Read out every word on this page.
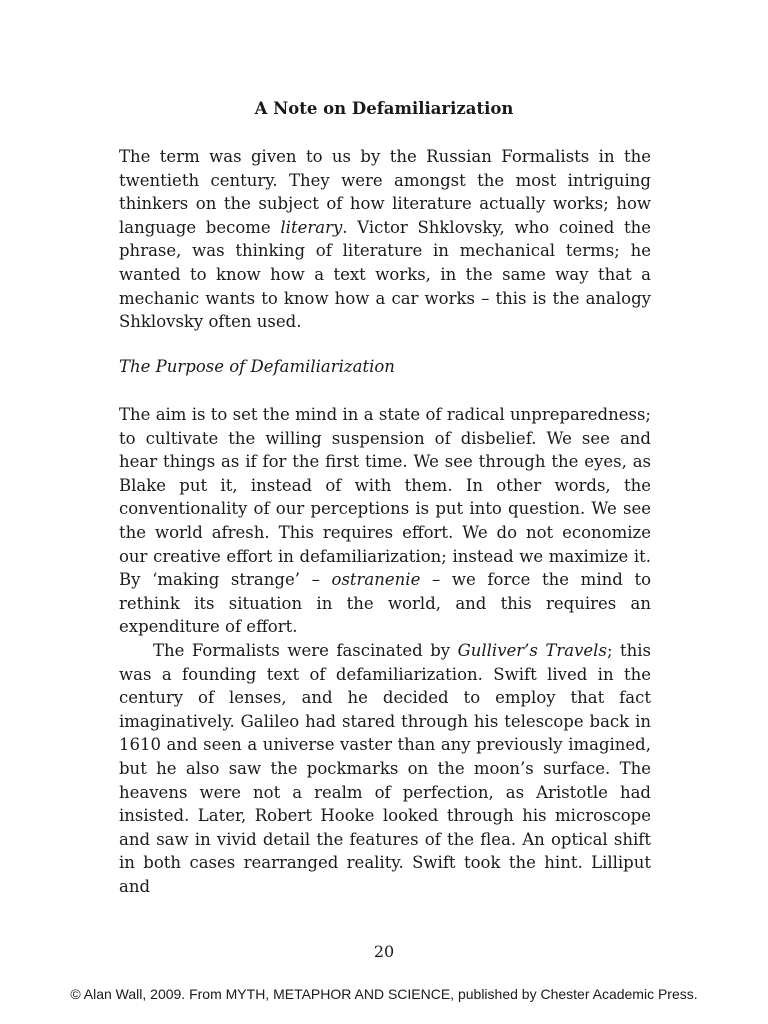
A Note on Defamiliarization

The term was given to us by the Russian Formalists in the twentieth century. They were amongst the most intriguing thinkers on the subject of how literature actually works; how language become literary. Victor Shklovsky, who coined the phrase, was thinking of literature in mechanical terms; he wanted to know how a text works, in the same way that a mechanic wants to know how a car works – this is the analogy Shklovsky often used.

The Purpose of Defamiliarization

The aim is to set the mind in a state of radical unpreparedness; to cultivate the willing suspension of disbelief. We see and hear things as if for the first time. We see through the eyes, as Blake put it, instead of with them. In other words, the conventionality of our perceptions is put into question. We see the world afresh. This requires effort. We do not economize our creative effort in defamiliarization; instead we maximize it. By ‘making strange’ – ostranenie – we force the mind to rethink its situation in the world, and this requires an expenditure of effort.

The Formalists were fascinated by Gulliver’s Travels; this was a founding text of defamiliarization. Swift lived in the century of lenses, and he decided to employ that fact imaginatively. Galileo had stared through his telescope back in 1610 and seen a universe vaster than any previously imagined, but he also saw the pockmarks on the moon’s surface. The heavens were not a realm of perfection, as Aristotle had insisted. Later, Robert Hooke looked through his microscope and saw in vivid detail the features of the flea. An optical shift in both cases rearranged reality. Swift took the hint. Lilliput and

20
© Alan Wall, 2009. From MYTH, METAPHOR AND SCIENCE, published by Chester Academic Press.
